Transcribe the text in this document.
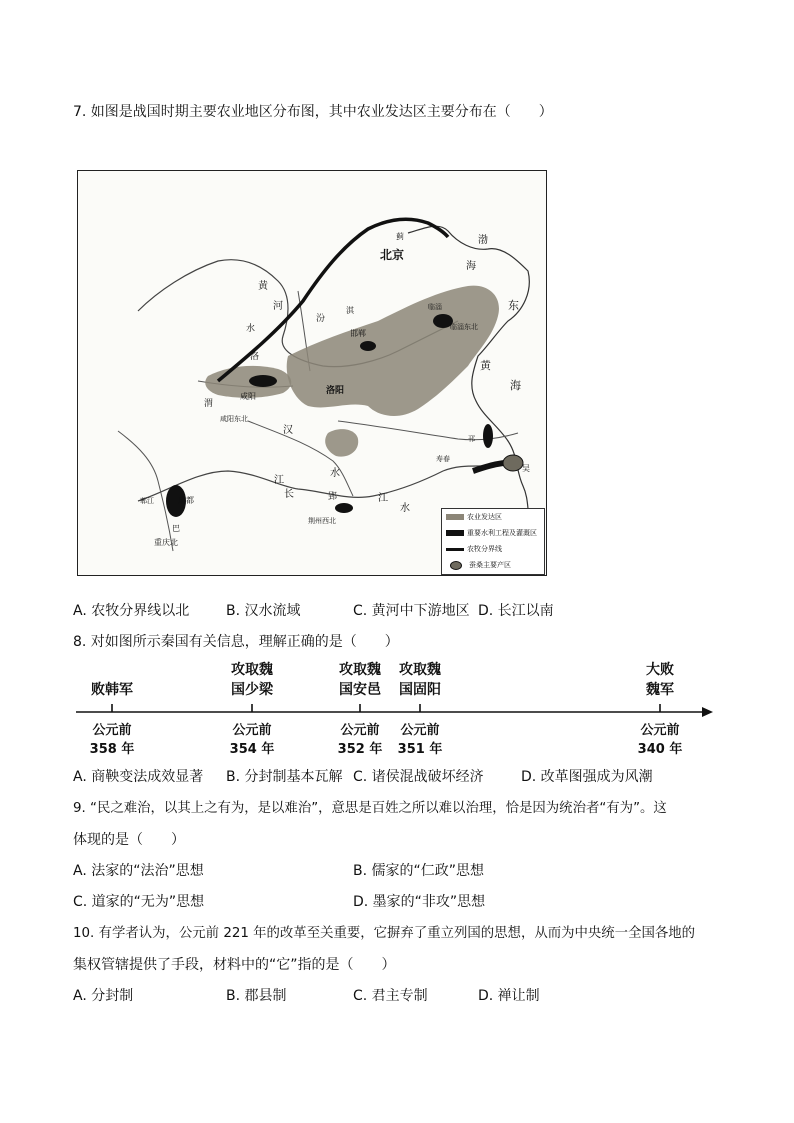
7. 如图是战国时期主要农业地区分布图，其中农业发达区主要分布在（　　）
北京
蓟	渤
海
东
黄
海
黄
河
洛
水
渭
汾
邯郸
洛阳
咸阳
咸阳东北
临淄
临淄东北
汉
水
成都
郫江
巴
重庆北
郢
荆州西北
江
长	江
水
邗
寿春
吴
淇
农业发达区
重要水利工程及灌溉区
农牧分界线
蚕桑主要产区
A. 农牧分界线以北	B. 汉水流域	C. 黄河中下游地区 D. 长江以南
8. 对如图所示秦国有关信息，理解正确的是（　　）
败韩军
公元前
358 年
攻取魏
国少梁
公元前
354 年
攻取魏
国安邑
公元前
352 年
攻取魏
国固阳
公元前
351 年
大败
魏军
公元前
340 年
A. 商鞅变法成效显著 B. 分封制基本瓦解 C. 诸侯混战破坏经济	D. 改革图强成为风潮
9. “民之难治，以其上之有为，是以难治”，意思是百姓之所以难以治理，恰是因为统治者“有为”。这
体现的是（　　）
A. 法家的“法治”思想	B. 儒家的“仁政”思想
C. 道家的“无为”思想	D. 墨家的“非攻”思想
10. 有学者认为，公元前 221 年的改革至关重要，它摒弃了重立列国的思想，从而为中央统一全国各地的
集权管辖提供了手段，材料中的“它”指的是（　　）
A. 分封制	B. 郡县制	C. 君主专制	D. 禅让制
